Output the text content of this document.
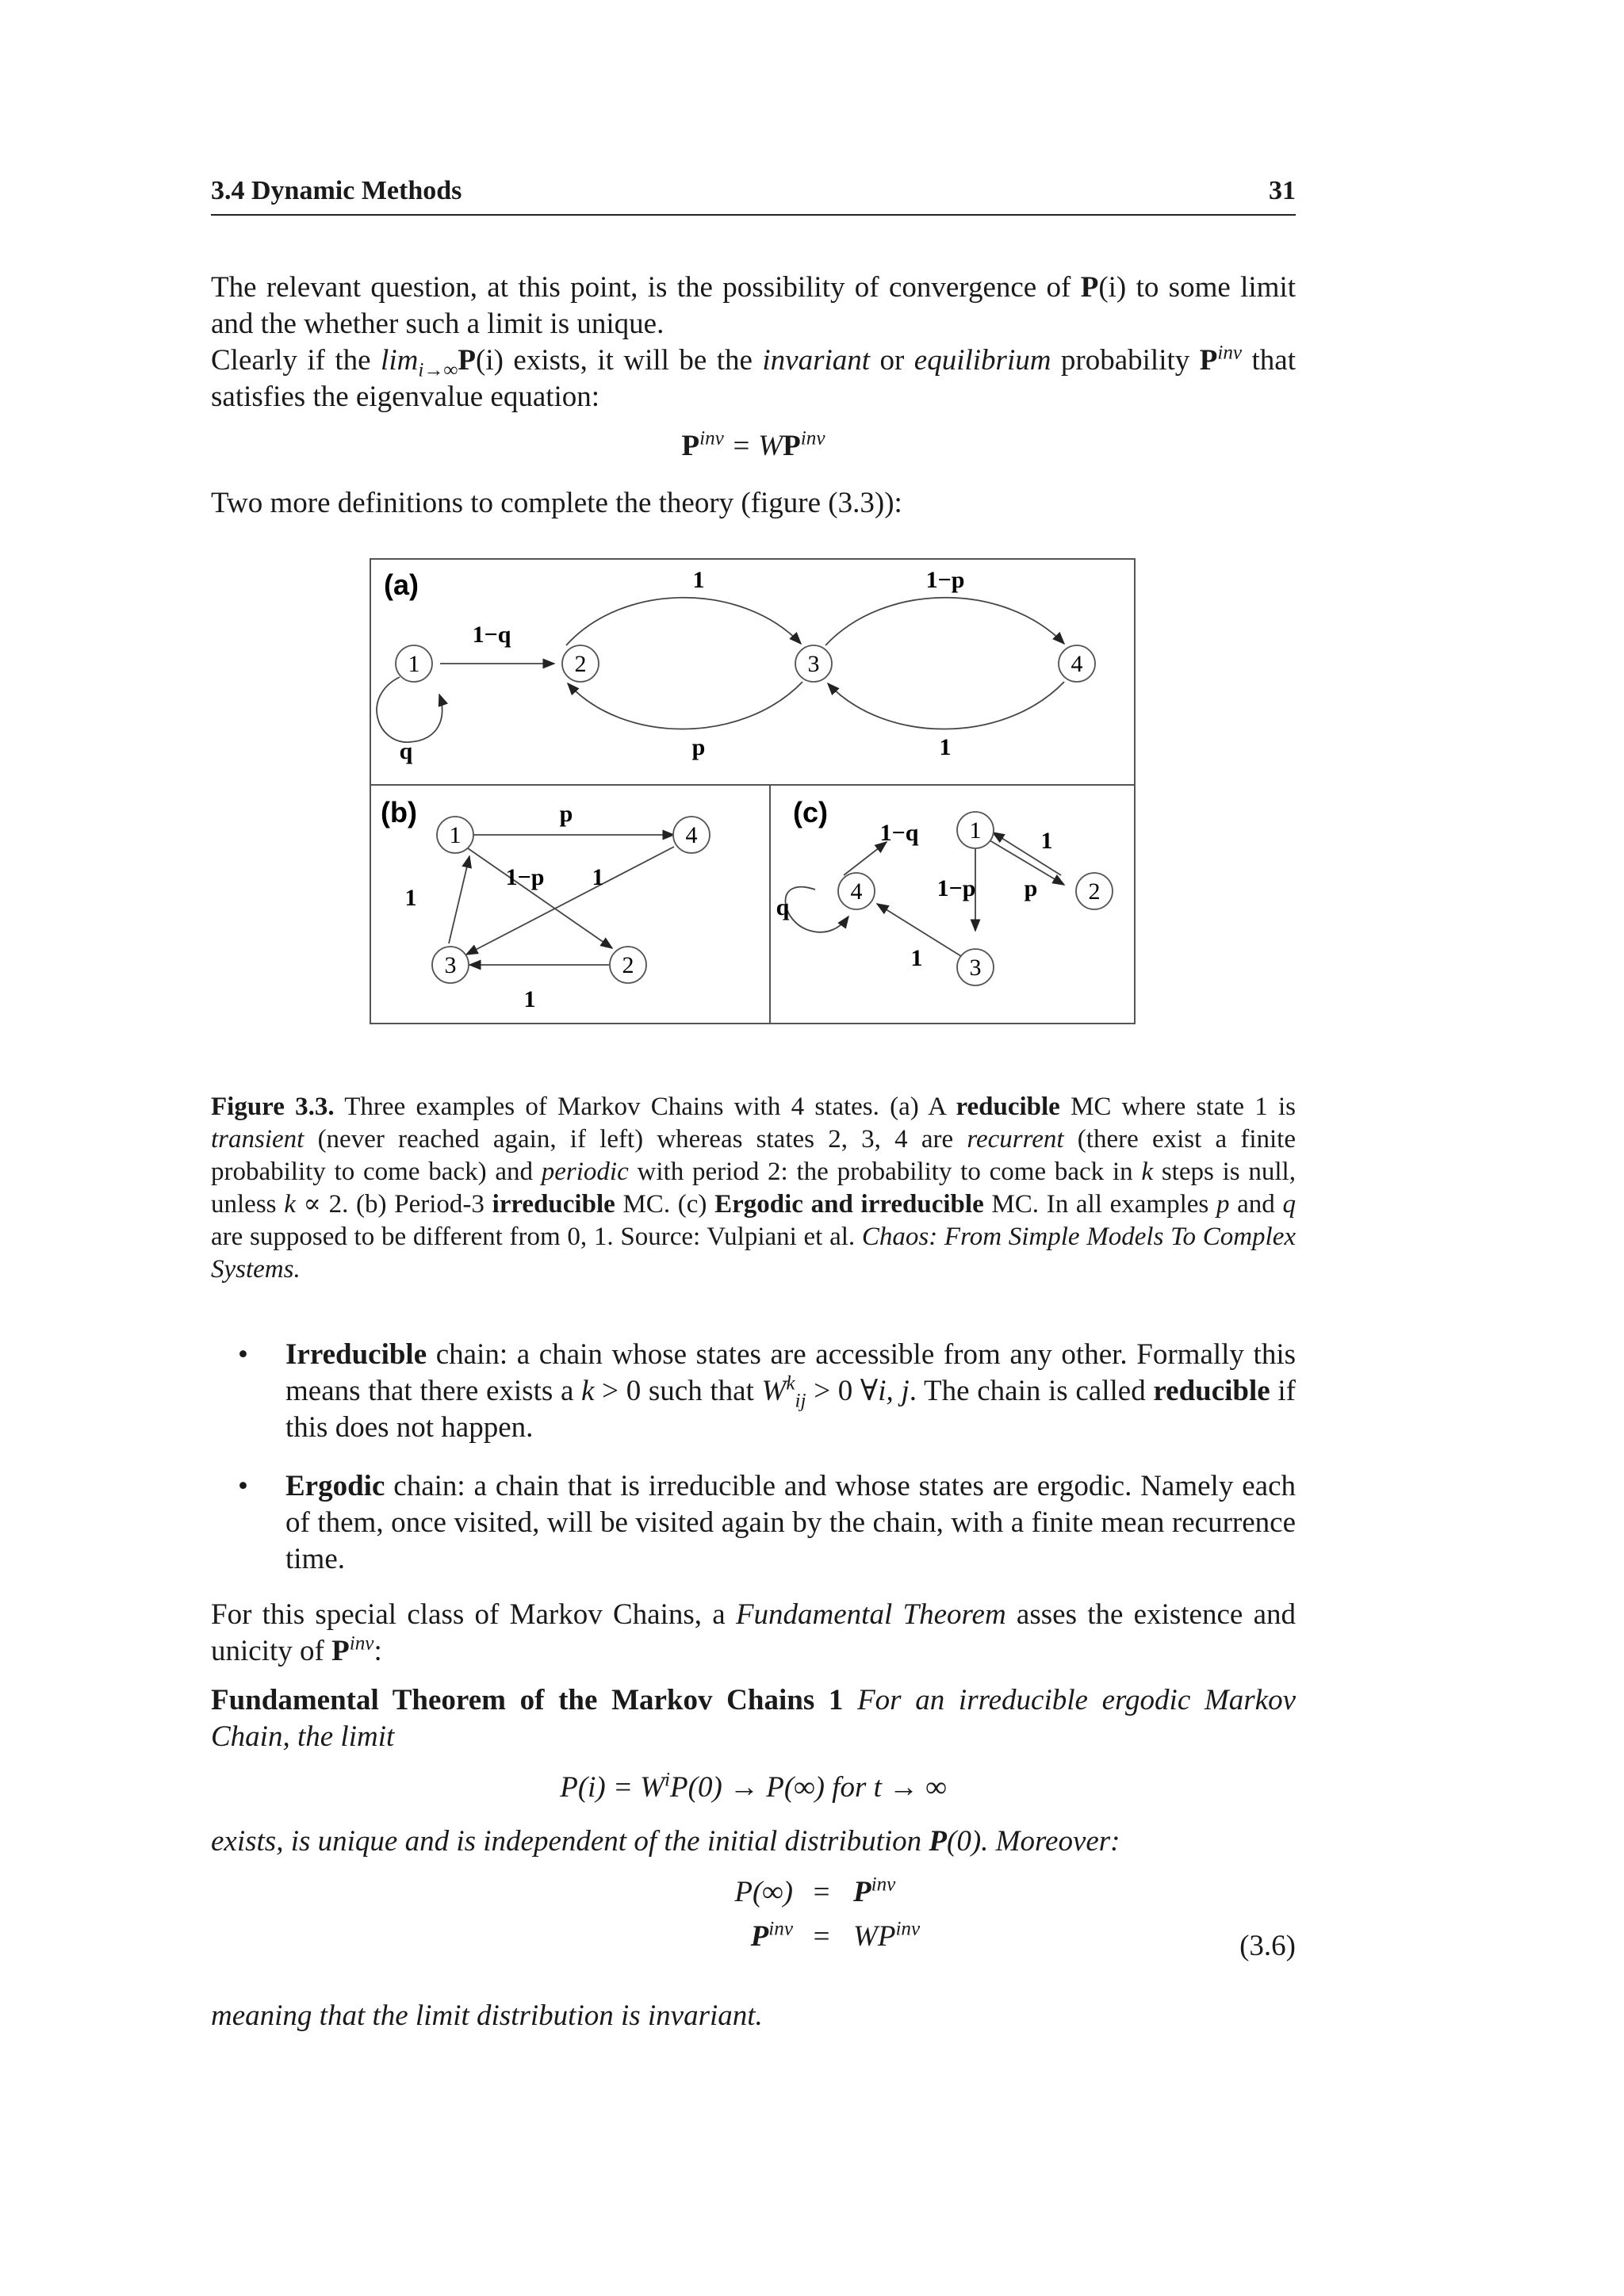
3.4 Dynamic Methods	31
The relevant question, at this point, is the possibility of convergence of P(i) to some limit and the whether such a limit is unique.
Clearly if the $\lim_{i\to\infty}P(i)$ exists, it will be the invariant or equilibrium probability $P^{inv}$ that satisfies the eigenvalue equation:
$P^{inv} = WP^{inv}$
Two more definitions to complete the theory (figure (3.3)):
(a)
1	2	3	4
1	1−p
1−q
q	p	1
(b)
1	4
3	2
p
1−p 1
1
1
(c)
1
4	2
3
1−q	1
1−p p
q
1
Figure 3.3. Three examples of Markov Chains with 4 states. (a) A reducible MC where state 1 is transient (never reached again, if left) whereas states 2, 3, 4 are recurrent (there exist a finite probability to come back) and periodic with period 2: the probability to come back in k steps is null, unless k ∝ 2. (b) Period-3 irreducible MC. (c) Ergodic and irreducible MC. In all examples p and q are supposed to be different from 0, 1. Source: Vulpiani et al. Chaos: From Simple Models To Complex Systems.
• Irreducible chain: a chain whose states are accessible from any other. Formally this means that there exists a k > 0 such that $W^k_{ij} > 0$ ∀i, j. The chain is called reducible if this does not happen.
• Ergodic chain: a chain that is irreducible and whose states are ergodic. Namely each of them, once visited, will be visited again by the chain, with a finite mean recurrence time.
For this special class of Markov Chains, a Fundamental Theorem asses the existence and unicity of $P^{inv}$:
Fundamental Theorem of the Markov Chains 1 For an irreducible ergodic Markov Chain, the limit
$P(i) = W^iP(0) \to P(\infty)$ for t → ∞
exists, is unique and is independent of the initial distribution P(0). Moreover:
$P(\infty) = P^{inv}$
$P^{inv} = WP^{inv}$
(3.6)
meaning that the limit distribution is invariant.
